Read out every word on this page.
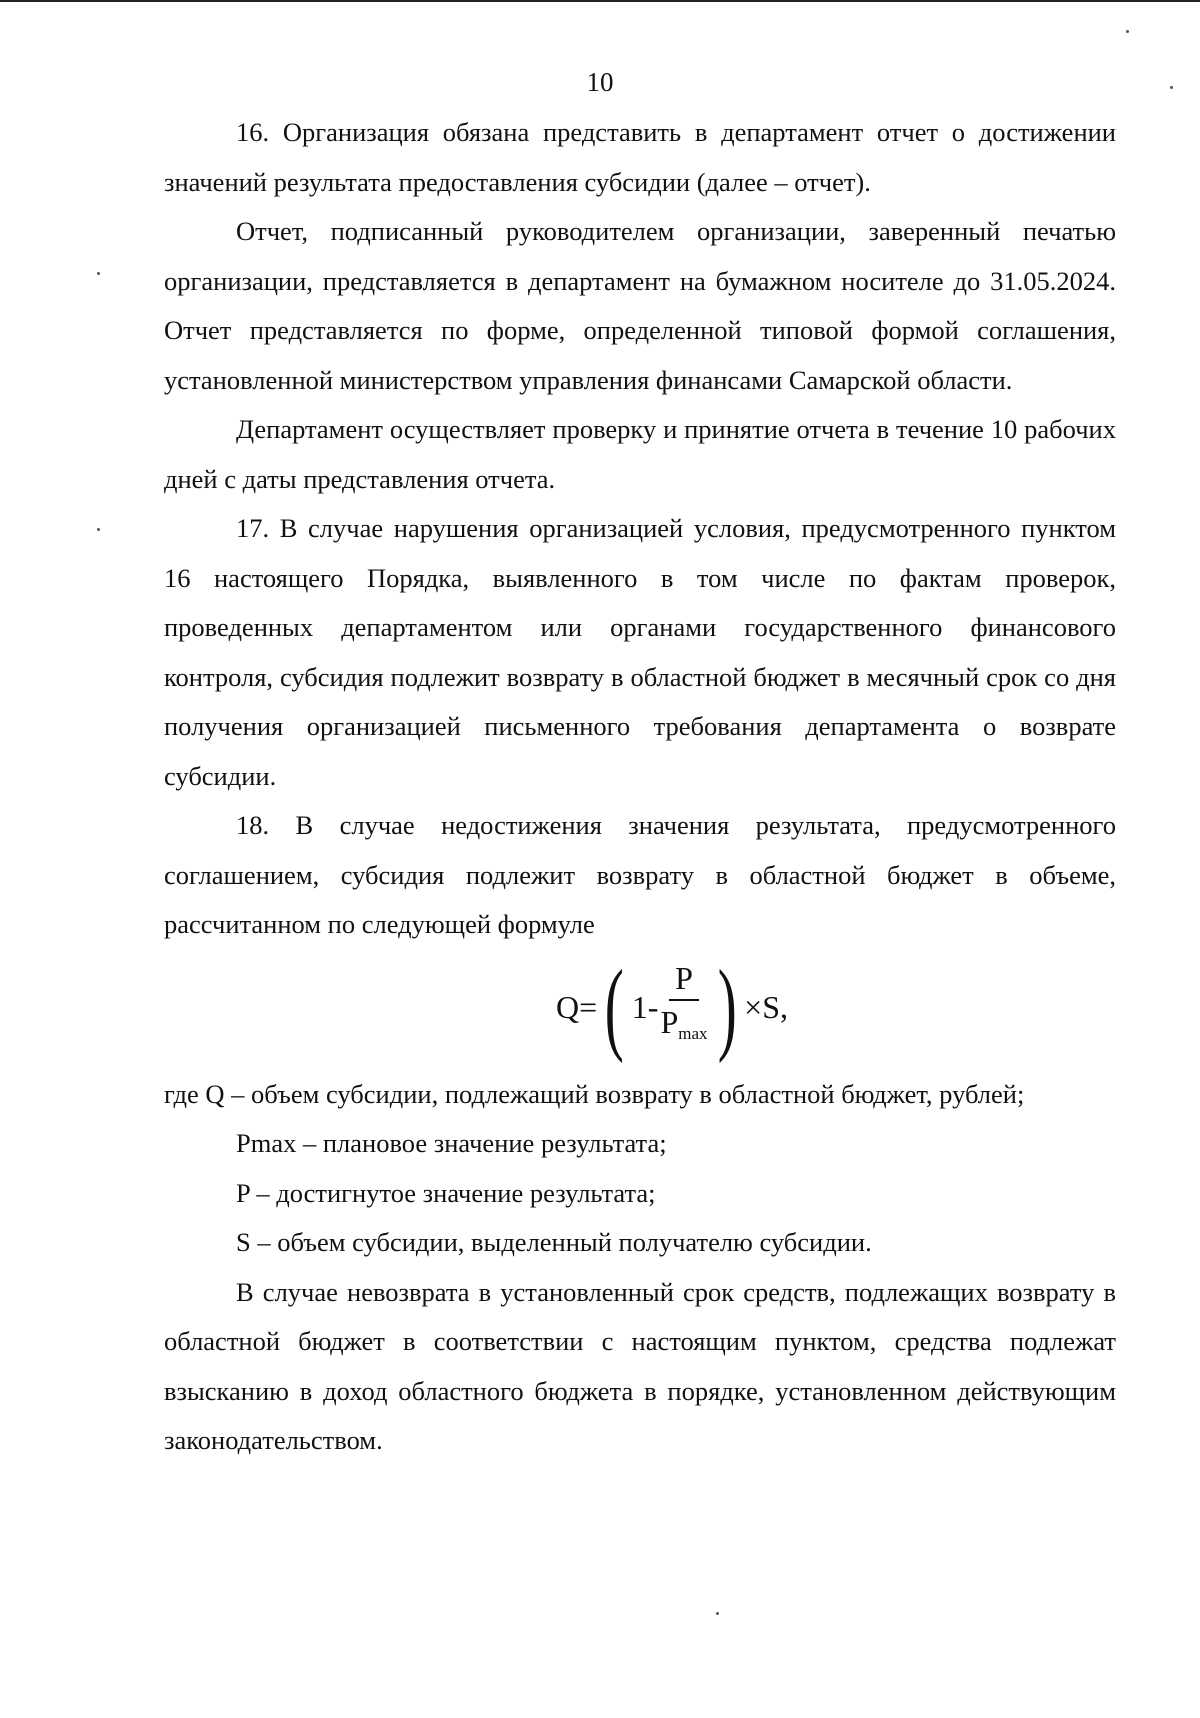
10

16. Организация обязана представить в департамент отчет о достижении значений результата предоставления субсидии (далее – отчет).

Отчет, подписанный руководителем организации, заверенный печатью организации, представляется в департамент на бумажном носителе до 31.05.2024. Отчет представляется по форме, определенной типовой формой соглашения, установленной министерством управления финансами Самарской области.

Департамент осуществляет проверку и принятие отчета в течение 10 рабочих дней с даты представления отчета.

17. В случае нарушения организацией условия, предусмотренного пунктом 16 настоящего Порядка, выявленного в том числе по фактам проверок, проведенных департаментом или органами государственного финансового контроля, субсидия подлежит возврату в областной бюджет в месячный срок со дня получения организацией письменного требования департамента о возврате субсидии.

18. В случае недостижения значения результата, предусмотренного соглашением, субсидия подлежит возврату в областной бюджет в объеме, рассчитанном по следующей формуле

Q = ( $1 - \frac{P}{Pmax}$ ) ×S,

где Q – объем субсидии, подлежащий возврату в областной бюджет, рублей;

Pmax – плановое значение результата;

P – достигнутое значение результата;

S – объем субсидии, выделенный получателю субсидии.

В случае невозврата в установленный срок средств, подлежащих возврату в областной бюджет в соответствии с настоящим пунктом, средства подлежат взысканию в доход областного бюджета в порядке, установленном действующим законодательством.
